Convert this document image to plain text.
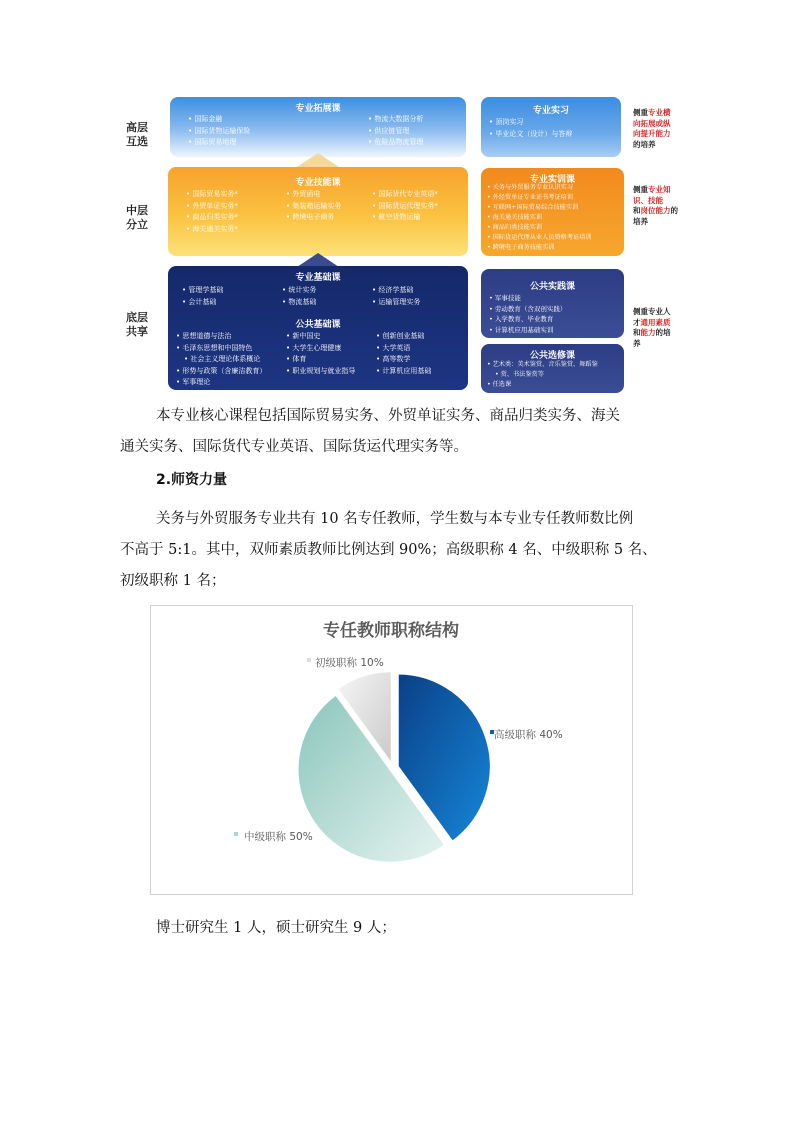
高层
互选
中层
分立
底层
共享
专业拓展课
• 国际金融
• 国际货物运输保险
• 国际贸易地理
• 物流大数据分析
• 供应链管理
• 危险品物流管理
专业实习
• 顶岗实习
• 毕业论文（设计）与答辩
专业技能课
• 国际贸易实务*
• 外贸单证实务*
• 商品归类实务*
• 海关通关实务*
• 外贸函电
• 集装箱运输实务
• 跨境电子商务
• 国际货代专业英语*
• 国际货运代理实务*
• 航空货物运输
专业实训课
• 关务与外贸服务专业认识实习
• 外经贸单证专业证书考证培训
• 互联网+国际贸易综合技能实训
• 海关通关技能实训
• 商品归类技能实训
• 国际货运代理从业人员资格考证培训
• 跨境电子商务技能实训
专业基础课
• 管理学基础
• 会计基础
• 统计实务
• 物流基础
• 经济学基础
• 运输管理实务
公共基础课
• 思想道德与法治
• 毛泽东思想和中国特色
• 社会主义理论体系概论
• 形势与政策（含廉洁教育）
• 军事理论
• 新中国史
• 大学生心理健康
• 体育
• 职业规划与就业指导
• 创新创业基础
• 大学英语
• 高等数学
• 计算机应用基础
公共实践课
• 军事技能
• 劳动教育（含双创实践）
• 入学教育、毕业教育
• 计算机应用基础实训
公共选修课
• 艺术类：美术鉴赏、音乐鉴赏、舞蹈鉴
• 赏、书法鉴赏等
• 任选课
侧重专业横
向拓展或纵
向提升能力
的培养
侧重专业知
识、技能
和岗位能力的
培养
侧重专业人
才通用素质
和能力的培
养
本专业核心课程包括国际贸易实务、外贸单证实务、商品归类实务、海关
通关实务、国际货代专业英语、国际货运代理实务等。
2.师资力量
关务与外贸服务专业共有 10 名专任教师，学生数与本专业专任教师数比例
不高于 5:1。其中，双师素质教师比例达到 90%；高级职称 4 名、中级职称 5 名、
初级职称 1 名；
专任教师职称结构
高级职称 40%
中级职称 50%
初级职称 10%
博士研究生 1 人，硕士研究生 9 人；
